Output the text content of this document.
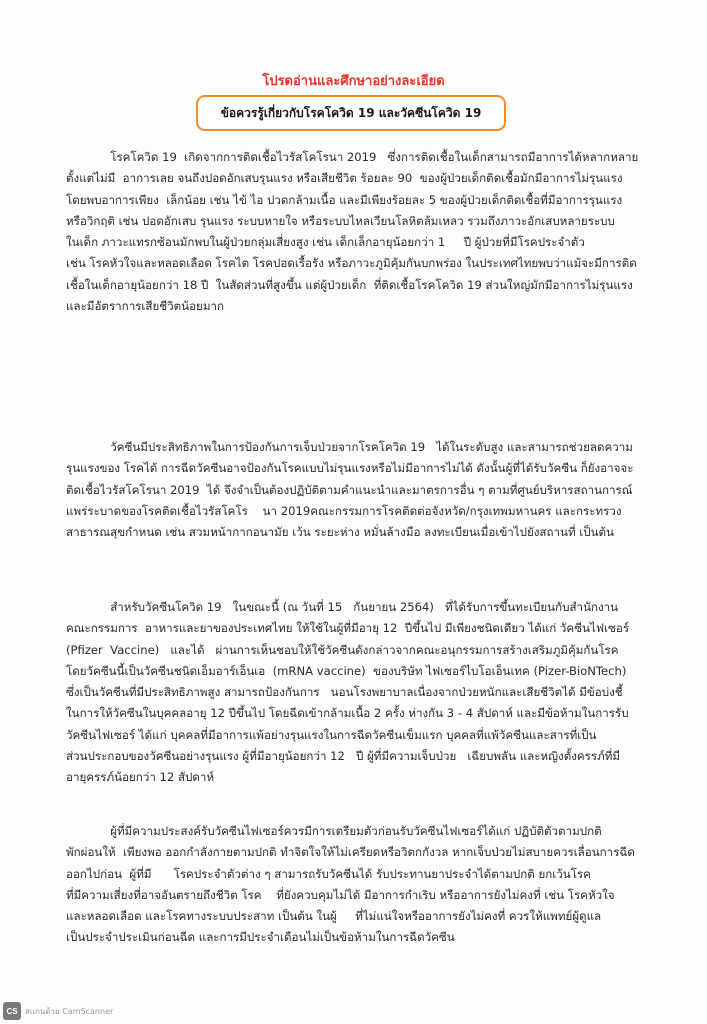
โปรดอ่านและศึกษาอย่างละเอียด
ข้อควรรู้เกี่ยวกับโรคโควิด 19 และวัคซีนโควิด 19

โรคโควิด 19  เกิดจากการติดเชื้อไวรัสโคโรนา 2019   ซึ่งการติดเชื้อในเด็กสามารถมีอาการได้หลากหลาย
ตั้งแต่ไม่มี  อาการเลย จนถึงปอดอักเสบรุนแรง หรือเสียชีวิต ร้อยละ 90  ของผู้ป่วยเด็กติดเชื้อมักมีอาการไม่รุนแรง
โดยพบอาการเพียง  เล็กน้อย เช่น ไข้ ไอ ปวดกล้ามเนื้อ และมีเพียงร้อยละ 5 ของผู้ป่วยเด็กติดเชื้อที่มีอาการรุนแรง
หรือวิกฤติ เช่น ปอดอักเสบ รุนแรง ระบบหายใจ หรือระบบไหลเวียนโลหิตล้มเหลว รวมถึงภาวะอักเสบหลายระบบ
ในเด็ก ภาวะแทรกซ้อนมักพบในผู้ป่วยกลุ่มเสี่ยงสูง เช่น เด็กเล็กอายุน้อยกว่า 1     ปี ผู้ป่วยที่มีโรคประจำตัว
เช่น โรคหัวใจและหลอดเลือด โรคไต โรคปอดเรื้อรัง หรือภาวะภูมิคุ้มกันบกพร่อง ในประเทศไทยพบว่าแม้จะมีการติด
เชื้อในเด็กอายุน้อยกว่า 18 ปี  ในสัดส่วนที่สูงขึ้น แต่ผู้ป่วยเด็ก  ที่ติดเชื้อโรคโควิด 19 ส่วนใหญ่มักมีอาการไม่รุนแรง
และมีอัตราการเสียชีวิตน้อยมาก

วัคซีนมีประสิทธิภาพในการป้องกันการเจ็บป่วยจากโรคโควิด 19   ได้ในระดับสูง และสามารถช่วยลดความ
รุนแรงของ โรคได้ การฉีดวัคซีนอาจป้องกันโรคแบบไม่รุนแรงหรือไม่มีอาการไม่ได้ ดังนั้นผู้ที่ได้รับวัคซีน ก็ยังอาจจะ
ติดเชื้อไวรัสโคโรนา 2019  ได้ จึงจำเป็นต้องปฏิบัติตามคำแนะนำและมาตรการอื่น ๆ ตามที่ศูนย์บริหารสถานการณ์
แพร่ระบาดของโรคติดเชื้อไวรัสโคโร    นา 2019คณะกรรมการโรคติดต่อจังหวัด/กรุงเทพมหานคร และกระทรวง
สาธารณสุขกำหนด เช่น สวมหน้ากากอนามัย เว้น ระยะห่าง หมั่นล้างมือ ลงทะเบียนเมื่อเข้าไปยังสถานที่ เป็นต้น

สำหรับวัคซีนโควิด 19   ในขณะนี้ (ณ วันที่ 15   กันยายน 2564)   ที่ได้รับการขึ้นทะเบียนกับสำนักงาน
คณะกรรมการ  อาหารและยาของประเทศไทย ให้ใช้ในผู้ที่มีอายุ 12  ปีขึ้นไป มีเพียงชนิดเดียว ได้แก่ วัคซีนไฟเซอร์
(Pfizer  Vaccine)   และได้   ผ่านการเห็นชอบให้ใช้วัคซีนดังกล่าวจากคณะอนุกรรมการสร้างเสริมภูมิคุ้มกันโรค
โดยวัคซีนนี้เป็นวัคซีนชนิดเอ็มอาร์เอ็นเอ  (mRNA vaccine)  ของบริษัท ไฟเซอร์ไบโอเอ็นเทค (Pizer-BioNTech)
ซึ่งเป็นวัคซีนที่มีประสิทธิภาพสูง สามารถป้องกันการ   นอนโรงพยาบาลเนื่องจากป่วยหนักและเสียชีวิตได้ มีข้อบ่งชี้
ในการให้วัคซีนในบุคคลอายุ 12 ปีขึ้นไป โดยฉีดเข้ากล้ามเนื้อ 2 ครั้ง ห่างกัน 3 - 4 สัปดาห์ และมีข้อห้ามในการรับ
วัคซีนไฟเซอร์ ได้แก่ บุคคลที่มีอาการแพ้อย่างรุนแรงในการฉีดวัคซีนเข็มแรก บุคคลที่แพ้วัคซีนและสารที่เป็น
ส่วนประกอบของวัคซีนอย่างรุนแรง ผู้ที่มีอายุน้อยกว่า 12   ปี ผู้ที่มีความเจ็บป่วย   เฉียบพลัน และหญิงตั้งครรภ์ที่มี
อายุครรภ์น้อยกว่า 12 สัปดาห์

ผู้ที่มีความประสงค์รับวัคซีนไฟเซอร์ควรมีการเตรียมตัวก่อนรับวัคซีนไฟเซอร์ได้แก่ ปฏิบัติตัวตามปกติ
พักผ่อนให้  เพียงพอ ออกกำลังกายตามปกติ ทำจิตใจให้ไม่เครียดหรือวิตกกังวล หากเจ็บป่วยไม่สบายควรเลื่อนการฉีด
ออกไปก่อน  ผู้ที่มี      โรคประจำตัวต่าง ๆ สามารถรับวัคซีนได้ รับประทานยาประจำได้ตามปกติ ยกเว้นโรค
ที่มีความเสี่ยงที่อาจอันตรายถึงชีวิต โรค    ที่ยังควบคุมไม่ได้ มีอาการกำเริบ หรืออาการยังไม่คงที่ เช่น โรคหัวใจ
และหลอดเลือด และโรคทางระบบประสาท เป็นต้น ในผู้     ที่ไม่แน่ใจหรืออาการยังไม่คงที่ ควรให้แพทย์ผู้ดูแล
เป็นประจำประเมินก่อนฉีด และการมีประจำเดือนไม่เป็นข้อห้ามในการฉีดวัคซีน

CS สแกนด้วย CamScanner
